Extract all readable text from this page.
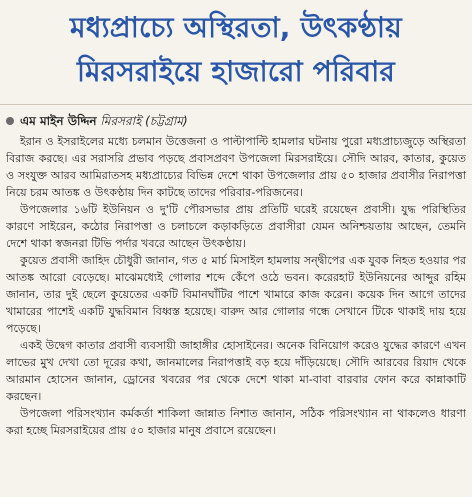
মধ্যপ্রাচ্যে অস্থিরতা, উৎকণ্ঠায়
মিরসরাইয়ে হাজারো পরিবার
এম মাইন উদ্দিন মিরসরাই (চট্টগ্রাম)

ইরান ও ইসরাইলের মধ্যে চলমান উত্তেজনা ও পাল্টাপাল্টি হামলার ঘটনায় পুরো মধ্যপ্রাচ্যজুড়ে অস্থিরতা বিরাজ করছে। এর সরাসরি প্রভাব পড়ছে প্রবাসপ্রবণ উপজেলা মিরসরাইয়ে। সৌদি আরব, কাতার, কুয়েত ও সংযুক্ত আরব আমিরাতসহ মধ্যপ্রাচ্যের বিভিন্ন দেশে থাকা উপজেলার প্রায় ৫০ হাজার প্রবাসীর নিরাপত্তা নিয়ে চরম আতঙ্ক ও উৎকণ্ঠায় দিন কাটছে তাদের পরিবার-পরিজনের।

উপজেলার ১৬টি ইউনিয়ন ও দু'টি পৌরসভার প্রায় প্রতিটি ঘরেই রয়েছেন প্রবাসী। যুদ্ধ পরিস্থিতির কারণে সাইরেন, কঠোর নিরাপত্তা ও চলাচলে কড়াকড়িতে প্রবাসীরা যেমন অনিশ্চয়তায় আছেন, তেমনি দেশে থাকা স্বজনরা টিভি পর্দার খবরে আছেন উৎকণ্ঠায়।

কুয়েত প্রবাসী জাহিদ চৌধুরী জানান, গত ৫ মার্চ মিসাইল হামলায় সন্দ্বীপের এক যুবক নিহত হওয়ার পর আতঙ্ক আরো বেড়েছে। মাঝেমধ্যেই গোলার শব্দে কেঁপে ওঠে ভবন। করেরহাট ইউনিয়নের আব্দুর রহিম জানান, তার দুই ছেলে কুয়েতের একটি বিমানঘাঁটির পাশে খামারে কাজ করেন। কয়েক দিন আগে তাদের খামারের পাশেই একটি যুদ্ধবিমান বিধ্বস্ত হয়েছে। বারুদ আর গোলার গন্ধে সেখানে টিকে থাকাই দায় হয়ে পড়েছে।

একই উদ্বেগ কাতার প্রবাসী ব্যবসায়ী জাহাঙ্গীর হোসাইনের। অনেক বিনিয়োগ করেও যুদ্ধের কারণে এখন লাভের মুখ দেখা তো দূরের কথা, জানমালের নিরাপত্তাই বড় হয়ে দাঁড়িয়েছে। সৌদি আরবের রিয়াদ থেকে আরমান হোসেন জানান, ড্রোনের খবরের পর থেকে দেশে থাকা মা-বাবা বারবার ফোন করে কান্নাকাটি করছেন।

উপজেলা পরিসংখ্যান কর্মকর্তা শাকিলা জান্নাত নিশাত জানান, সঠিক পরিসংখ্যান না থাকলেও ধারণা করা হচ্ছে মিরসরাইয়ের প্রায় ৫০ হাজার মানুষ প্রবাসে রয়েছেন।
